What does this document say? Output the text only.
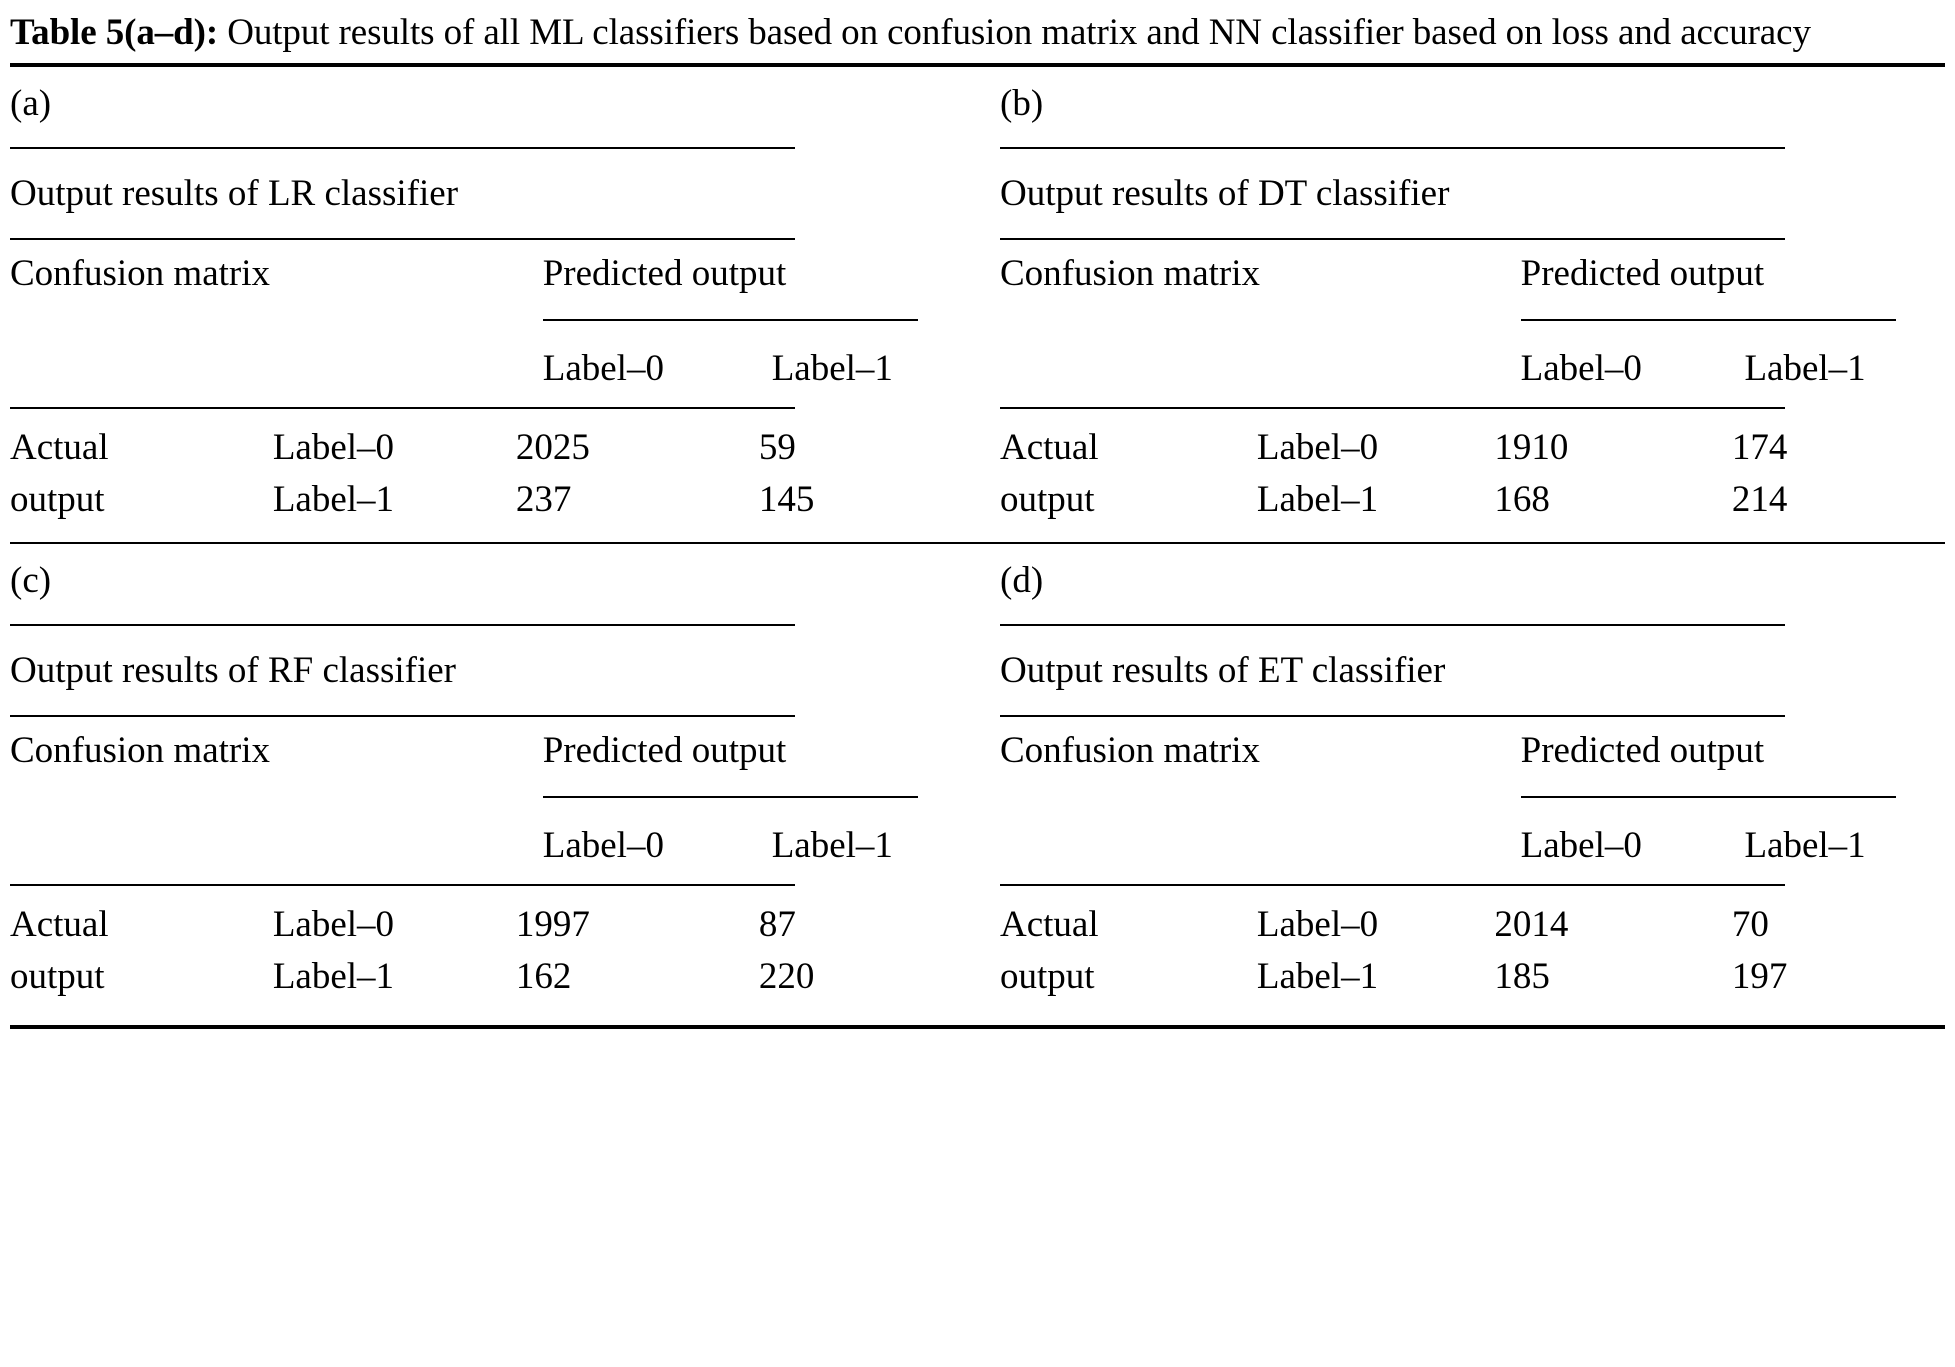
Table 5(a–d): Output results of all ML classifiers based on confusion matrix and NN classifier based on loss and accuracy
(a)
Output results of LR classifier
Confusion matrix		Predicted output	

		Label–0	Label–1
Actual	Label–0	2025	59
output	Label–1	237	145
(b)
Output results of DT classifier
Confusion matrix		Predicted output	

		Label–0	Label–1
Actual	Label–0	1910	174
output	Label–1	168	214
(c)
Output results of RF classifier
Confusion matrix		Predicted output	

		Label–0	Label–1
Actual	Label–0	1997	87
output	Label–1	162	220
(d)
Output results of ET classifier
Confusion matrix		Predicted output	

		Label–0	Label–1
Actual	Label–0	2014	70
output	Label–1	185	197
